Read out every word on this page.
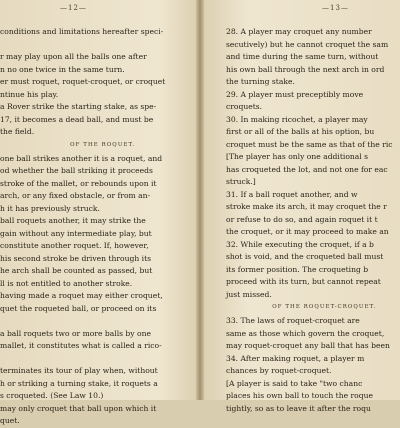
—12—
conditions and limitations hereafter speci-
r may play upon all the balls one after
n no one twice in the same turn.
er must roquet, roquet-croquet, or croquet
ntinue his play.
a Rover strike the starting stake, as spe-
17, it becomes a dead ball, and must be
the field.
OF THE ROQUET.
one ball strikes another it is a roquet, and
od whether the ball striking it proceeds
stroke of the mallet, or rebounds upon it
arch, or any fixed obstacle, or from an-
h it has previously struck.
ball roquets another, it may strike the
gain without any intermediate play, but
constitute another roquet. If, however,
his second stroke be driven through its
he arch shall be counted as passed, but
ll is not entitled to another stroke.
having made a roquet may either croquet,
quet the roqueted ball, or proceed on its
a ball roquets two or more balls by one
mallet, it constitutes what is called a rico-
terminates its tour of play when, without
h or striking a turning stake, it roquets a
s croqueted. (See Law 10.)
may only croquet that ball upon which it
quet.
—13—
28. A player may croquet any number
secutively) but he cannot croquet the sam
and time during the same turn, without
his own ball through the next arch in ord
the turning stake.
29. A player must preceptibly move
croquets.
30. In making ricochet, a player may
first or all of the balls at his option, bu
croquet must be the same as that of the ric
[The player has only one additional s
has croqueted the lot, and not one for eac
struck.]
31. If a ball roquet another, and w
stroke make its arch, it may croquet the r
or refuse to do so, and again roquet it t
the croquet, or it may proceed to make an
32. While executing the croquet, if a b
shot is void, and the croqueted ball must
its former position. The croqueting b
proceed with its turn, but cannot repeat
just missed.
OF THE ROQUET-CROQUET.
33. The laws of roquet-croquet are
same as those which govern the croquet,
may roquet-croquet any ball that has been
34. After making roquet, a player m
chances by roquet-croquet.
[A player is said to take "two chanc
places his own ball to touch the roque
tightly, so as to leave it after the roqu
